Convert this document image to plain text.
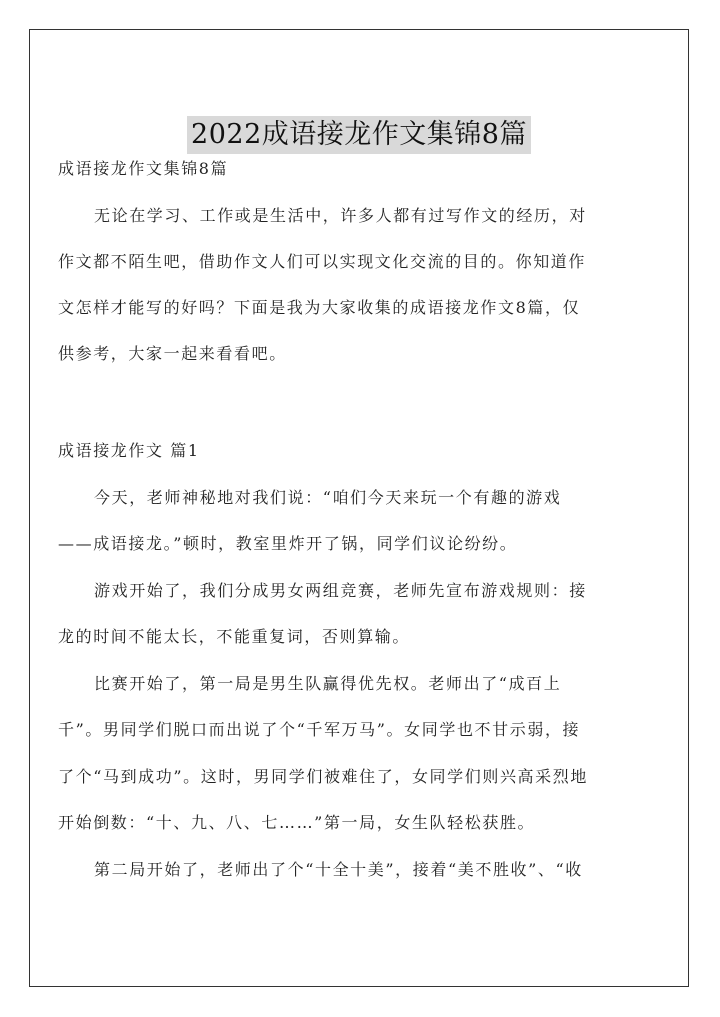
2022成语接龙作文集锦8篇
成语接龙作文集锦8篇
无论在学习、工作或是生活中，许多人都有过写作文的经历，对
作文都不陌生吧，借助作文人们可以实现文化交流的目的。你知道作
文怎样才能写的好吗？下面是我为大家收集的成语接龙作文8篇，仅
供参考，大家一起来看看吧。
成语接龙作文 篇1
今天，老师神秘地对我们说：“咱们今天来玩一个有趣的游戏
——成语接龙。”顿时，教室里炸开了锅，同学们议论纷纷。
游戏开始了，我们分成男女两组竞赛，老师先宣布游戏规则：接
龙的时间不能太长，不能重复词，否则算输。
比赛开始了，第一局是男生队赢得优先权。老师出了“成百上
千”。男同学们脱口而出说了个“千军万马”。女同学也不甘示弱，接
了个“马到成功”。这时，男同学们被难住了，女同学们则兴高采烈地
开始倒数：“十、九、八、七……”第一局，女生队轻松获胜。
第二局开始了，老师出了个“十全十美”，接着“美不胜收”、“收
